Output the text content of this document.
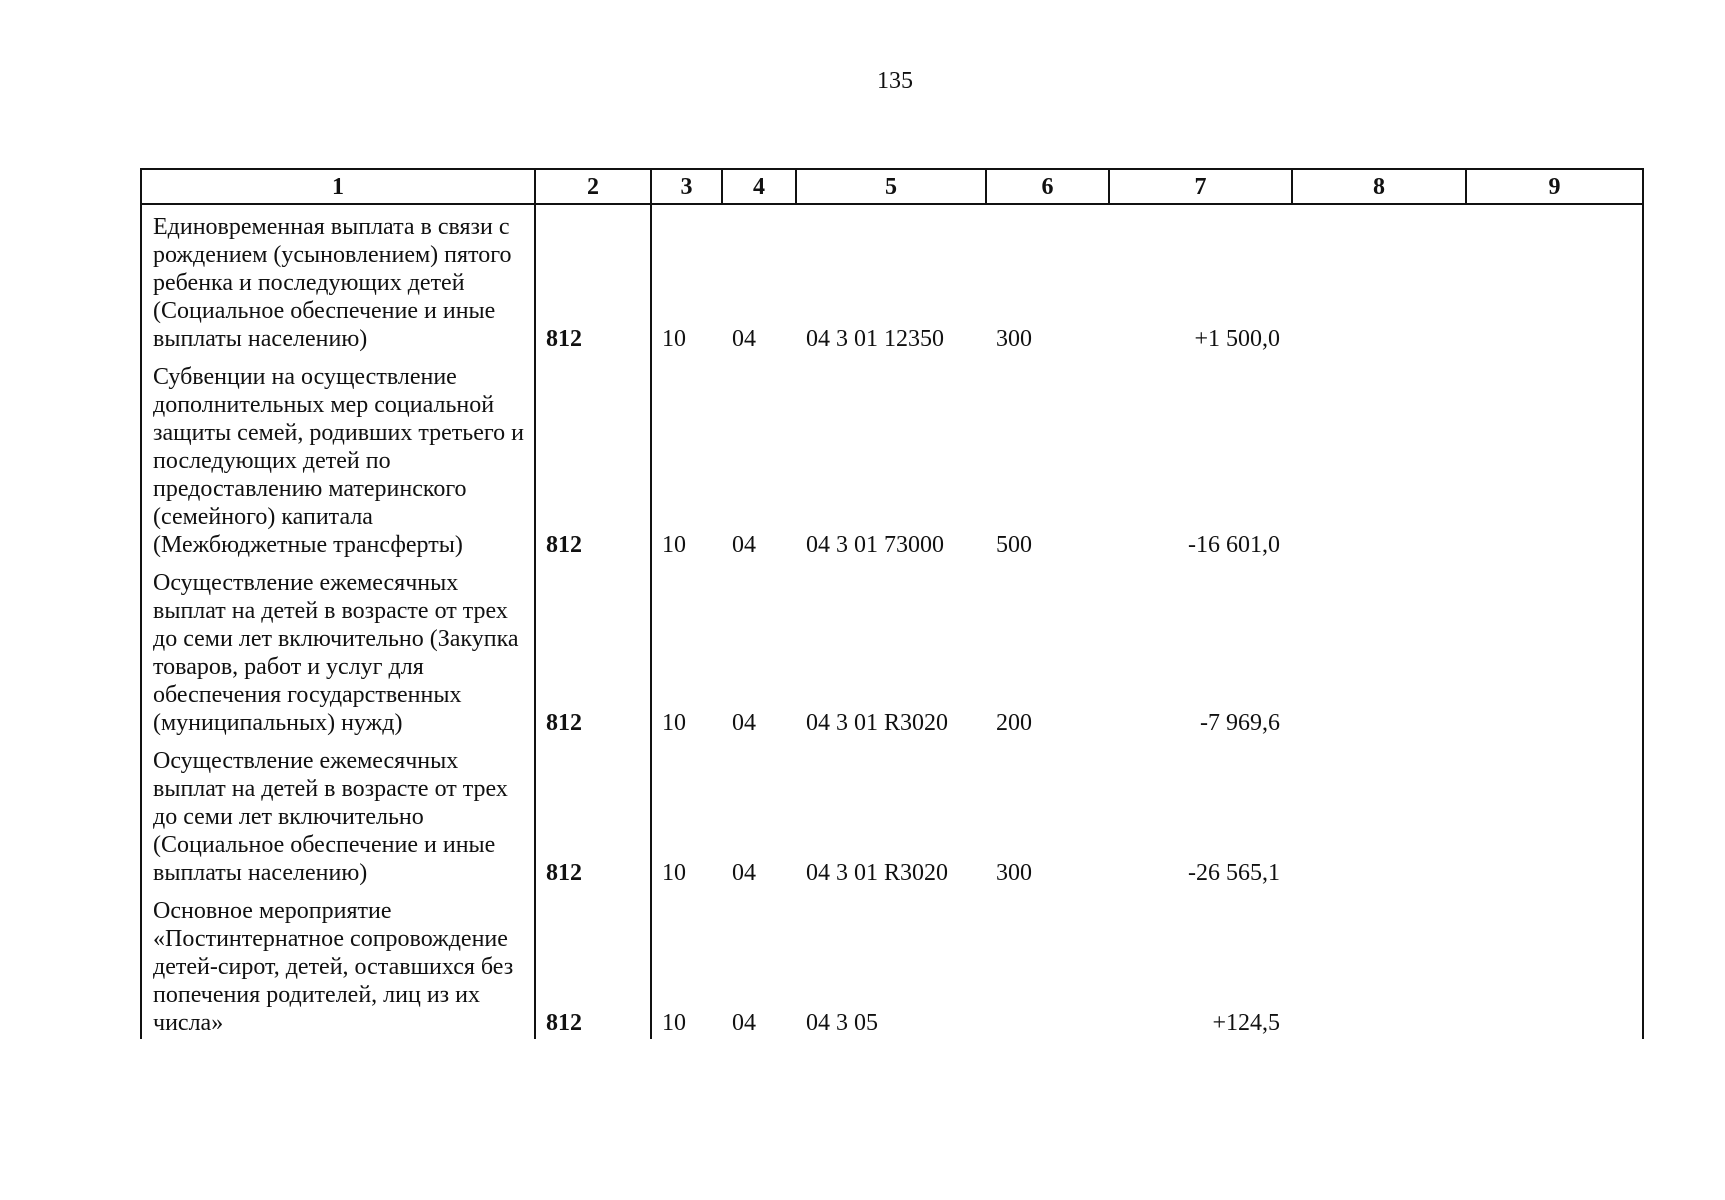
135
1	2	3	4	5	6	7	8	9
Единовременная выплата в связи с рождением (усыновлением) пятого ребенка и последующих детей (Социальное обеспечение и иные выплаты населению)	812	10	04	04 3 01 12350	300	+1 500,0		
Субвенции на осуществление дополнительных мер социальной защиты семей, родивших третьего и последующих детей по предоставлению материнского (семейного) капитала (Межбюджетные трансферты)	812	10	04	04 3 01 73000	500	-16 601,0		
Осуществление ежемесячных выплат на детей в возрасте от трех до семи лет включительно (Закупка товаров, работ и услуг для обеспечения государственных (муниципальных) нужд)	812	10	04	04 3 01 R3020	200	-7 969,6		
Осуществление ежемесячных выплат на детей в возрасте от трех до семи лет включительно (Социальное обеспечение и иные выплаты населению)	812	10	04	04 3 01 R3020	300	-26 565,1		
Основное мероприятие «Постинтернатное сопровождение детей-сирот, детей, оставшихся без попечения родителей, лиц из их числа»	812	10	04	04 3 05		+124,5		
